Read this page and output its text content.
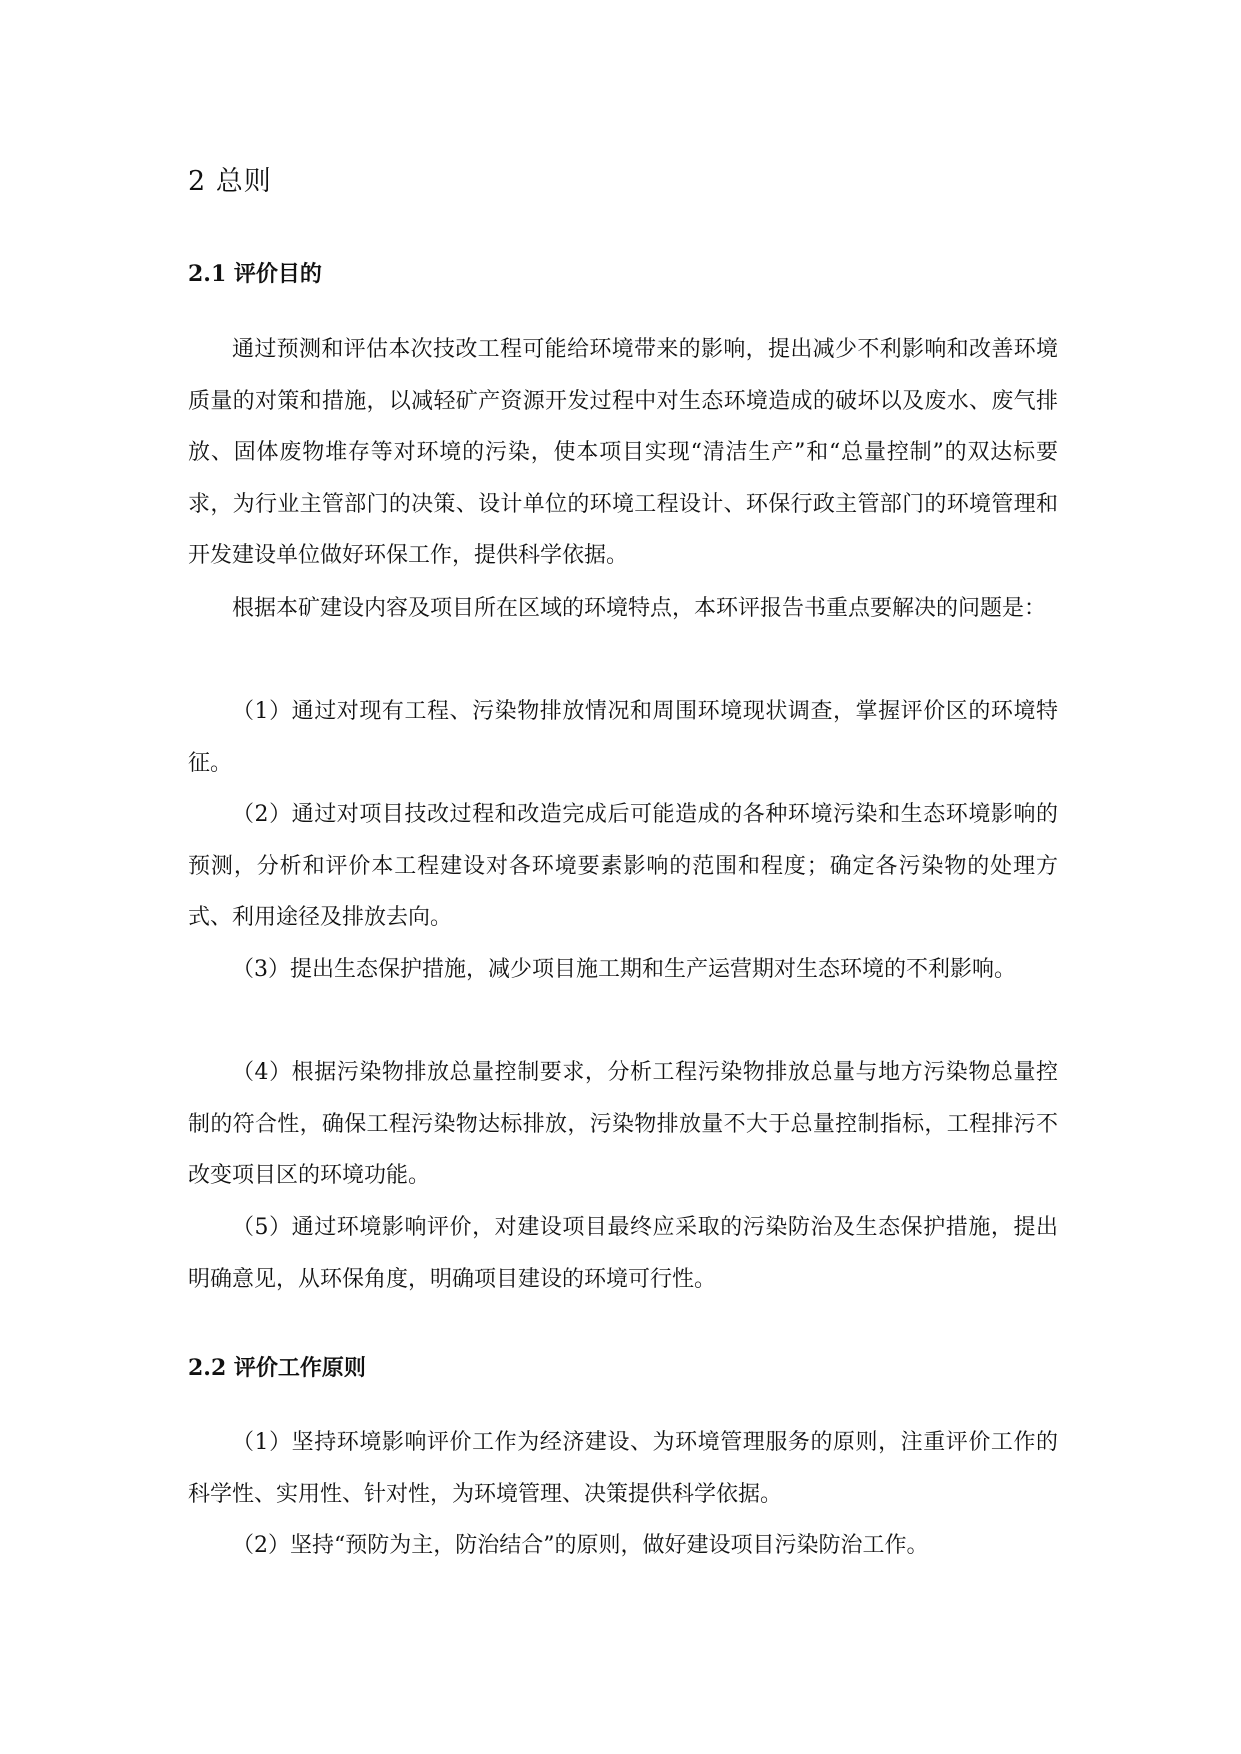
2 总则
2.1 评价目的

通过预测和评估本次技改工程可能给环境带来的影响，提出减少不利影响和改善环境质量的对策和措施，以减轻矿产资源开发过程中对生态环境造成的破坏以及废水、废气排放、固体废物堆存等对环境的污染，使本项目实现“清洁生产”和“总量控制”的双达标要求，为行业主管部门的决策、设计单位的环境工程设计、环保行政主管部门的环境管理和开发建设单位做好环保工作，提供科学依据。

根据本矿建设内容及项目所在区域的环境特点，本环评报告书重点要解决的问题是：

（1）通过对现有工程、污染物排放情况和周围环境现状调查，掌握评价区的环境特征。

（2）通过对项目技改过程和改造完成后可能造成的各种环境污染和生态环境影响的预测，分析和评价本工程建设对各环境要素影响的范围和程度；确定各污染物的处理方式、利用途径及排放去向。

（3）提出生态保护措施，减少项目施工期和生产运营期对生态环境的不利影响。

（4）根据污染物排放总量控制要求，分析工程污染物排放总量与地方污染物总量控制的符合性，确保工程污染物达标排放，污染物排放量不大于总量控制指标，工程排污不改变项目区的环境功能。

（5）通过环境影响评价，对建设项目最终应采取的污染防治及生态保护措施，提出明确意见，从环保角度，明确项目建设的环境可行性。

2.2 评价工作原则

（1）坚持环境影响评价工作为经济建设、为环境管理服务的原则，注重评价工作的科学性、实用性、针对性，为环境管理、决策提供科学依据。

（2）坚持“预防为主，防治结合”的原则，做好建设项目污染防治工作。
